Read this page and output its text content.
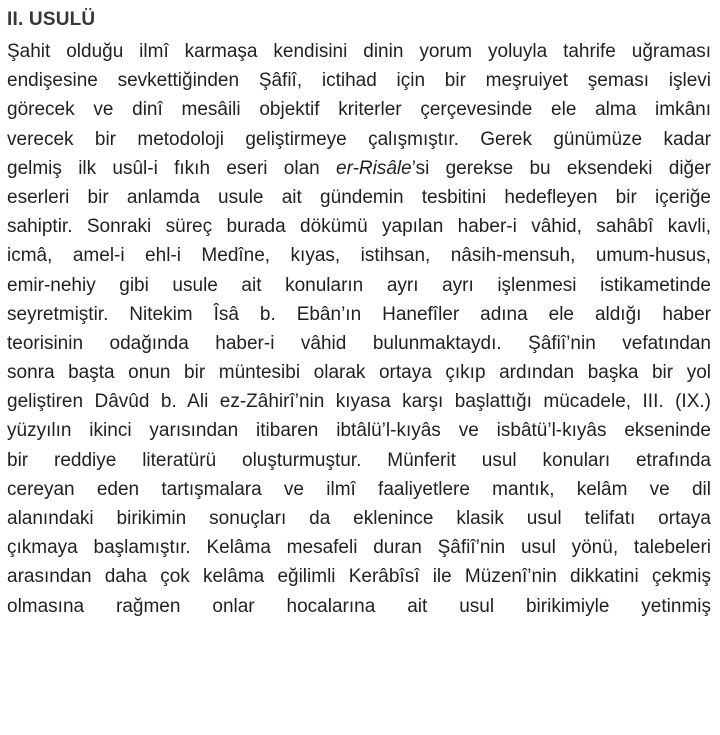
II. USULÜ
Şahit olduğu ilmî karmaşa kendisini dinin yorum yoluyla tahrife uğraması
endişesine sevkettiğinden Şâfiî, ictihad için bir meşruiyet şeması işlevi
görecek ve dinî mesâili objektif kriterler çerçevesinde ele alma imkânı
verecek bir metodoloji geliştirmeye çalışmıştır. Gerek günümüze kadar
gelmiş ilk usûl-i fıkıh eseri olan er-Risâle’si gerekse bu eksendeki diğer
eserleri bir anlamda usule ait gündemin tesbitini hedefleyen bir içeriğe
sahiptir. Sonraki süreç burada dökümü yapılan haber-i vâhid, sahâbî kavli,
icmâ, amel-i ehl-i Medîne, kıyas, istihsan, nâsih-mensuh, umum-husus,
emir-nehiy gibi usule ait konuların ayrı ayrı işlenmesi istikametinde
seyretmiştir. Nitekim Îsâ b. Ebân’ın Hanefîler adına ele aldığı haber
teorisinin odağında haber-i vâhid bulunmaktaydı. Şâfiî’nin vefatından
sonra başta onun bir müntesibi olarak ortaya çıkıp ardından başka bir yol
geliştiren Dâvûd b. Ali ez-Zâhirî’nin kıyasa karşı başlattığı mücadele, III. (IX.)
yüzyılın ikinci yarısından itibaren ibtâlü’l-kıyâs ve isbâtü’l-kıyâs ekseninde
bir reddiye literatürü oluşturmuştur. Münferit usul konuları etrafında
cereyan eden tartışmalara ve ilmî faaliyetlere mantık, kelâm ve dil
alanındaki birikimin sonuçları da eklenince klasik usul telifatı ortaya
çıkmaya başlamıştır. Kelâma mesafeli duran Şâfiî’nin usul yönü, talebeleri
arasından daha çok kelâma eğilimli Kerâbîsî ile Müzenî’nin dikkatini çekmiş
olmasına rağmen onlar hocalarına ait usul birikimiyle yetinmiş
